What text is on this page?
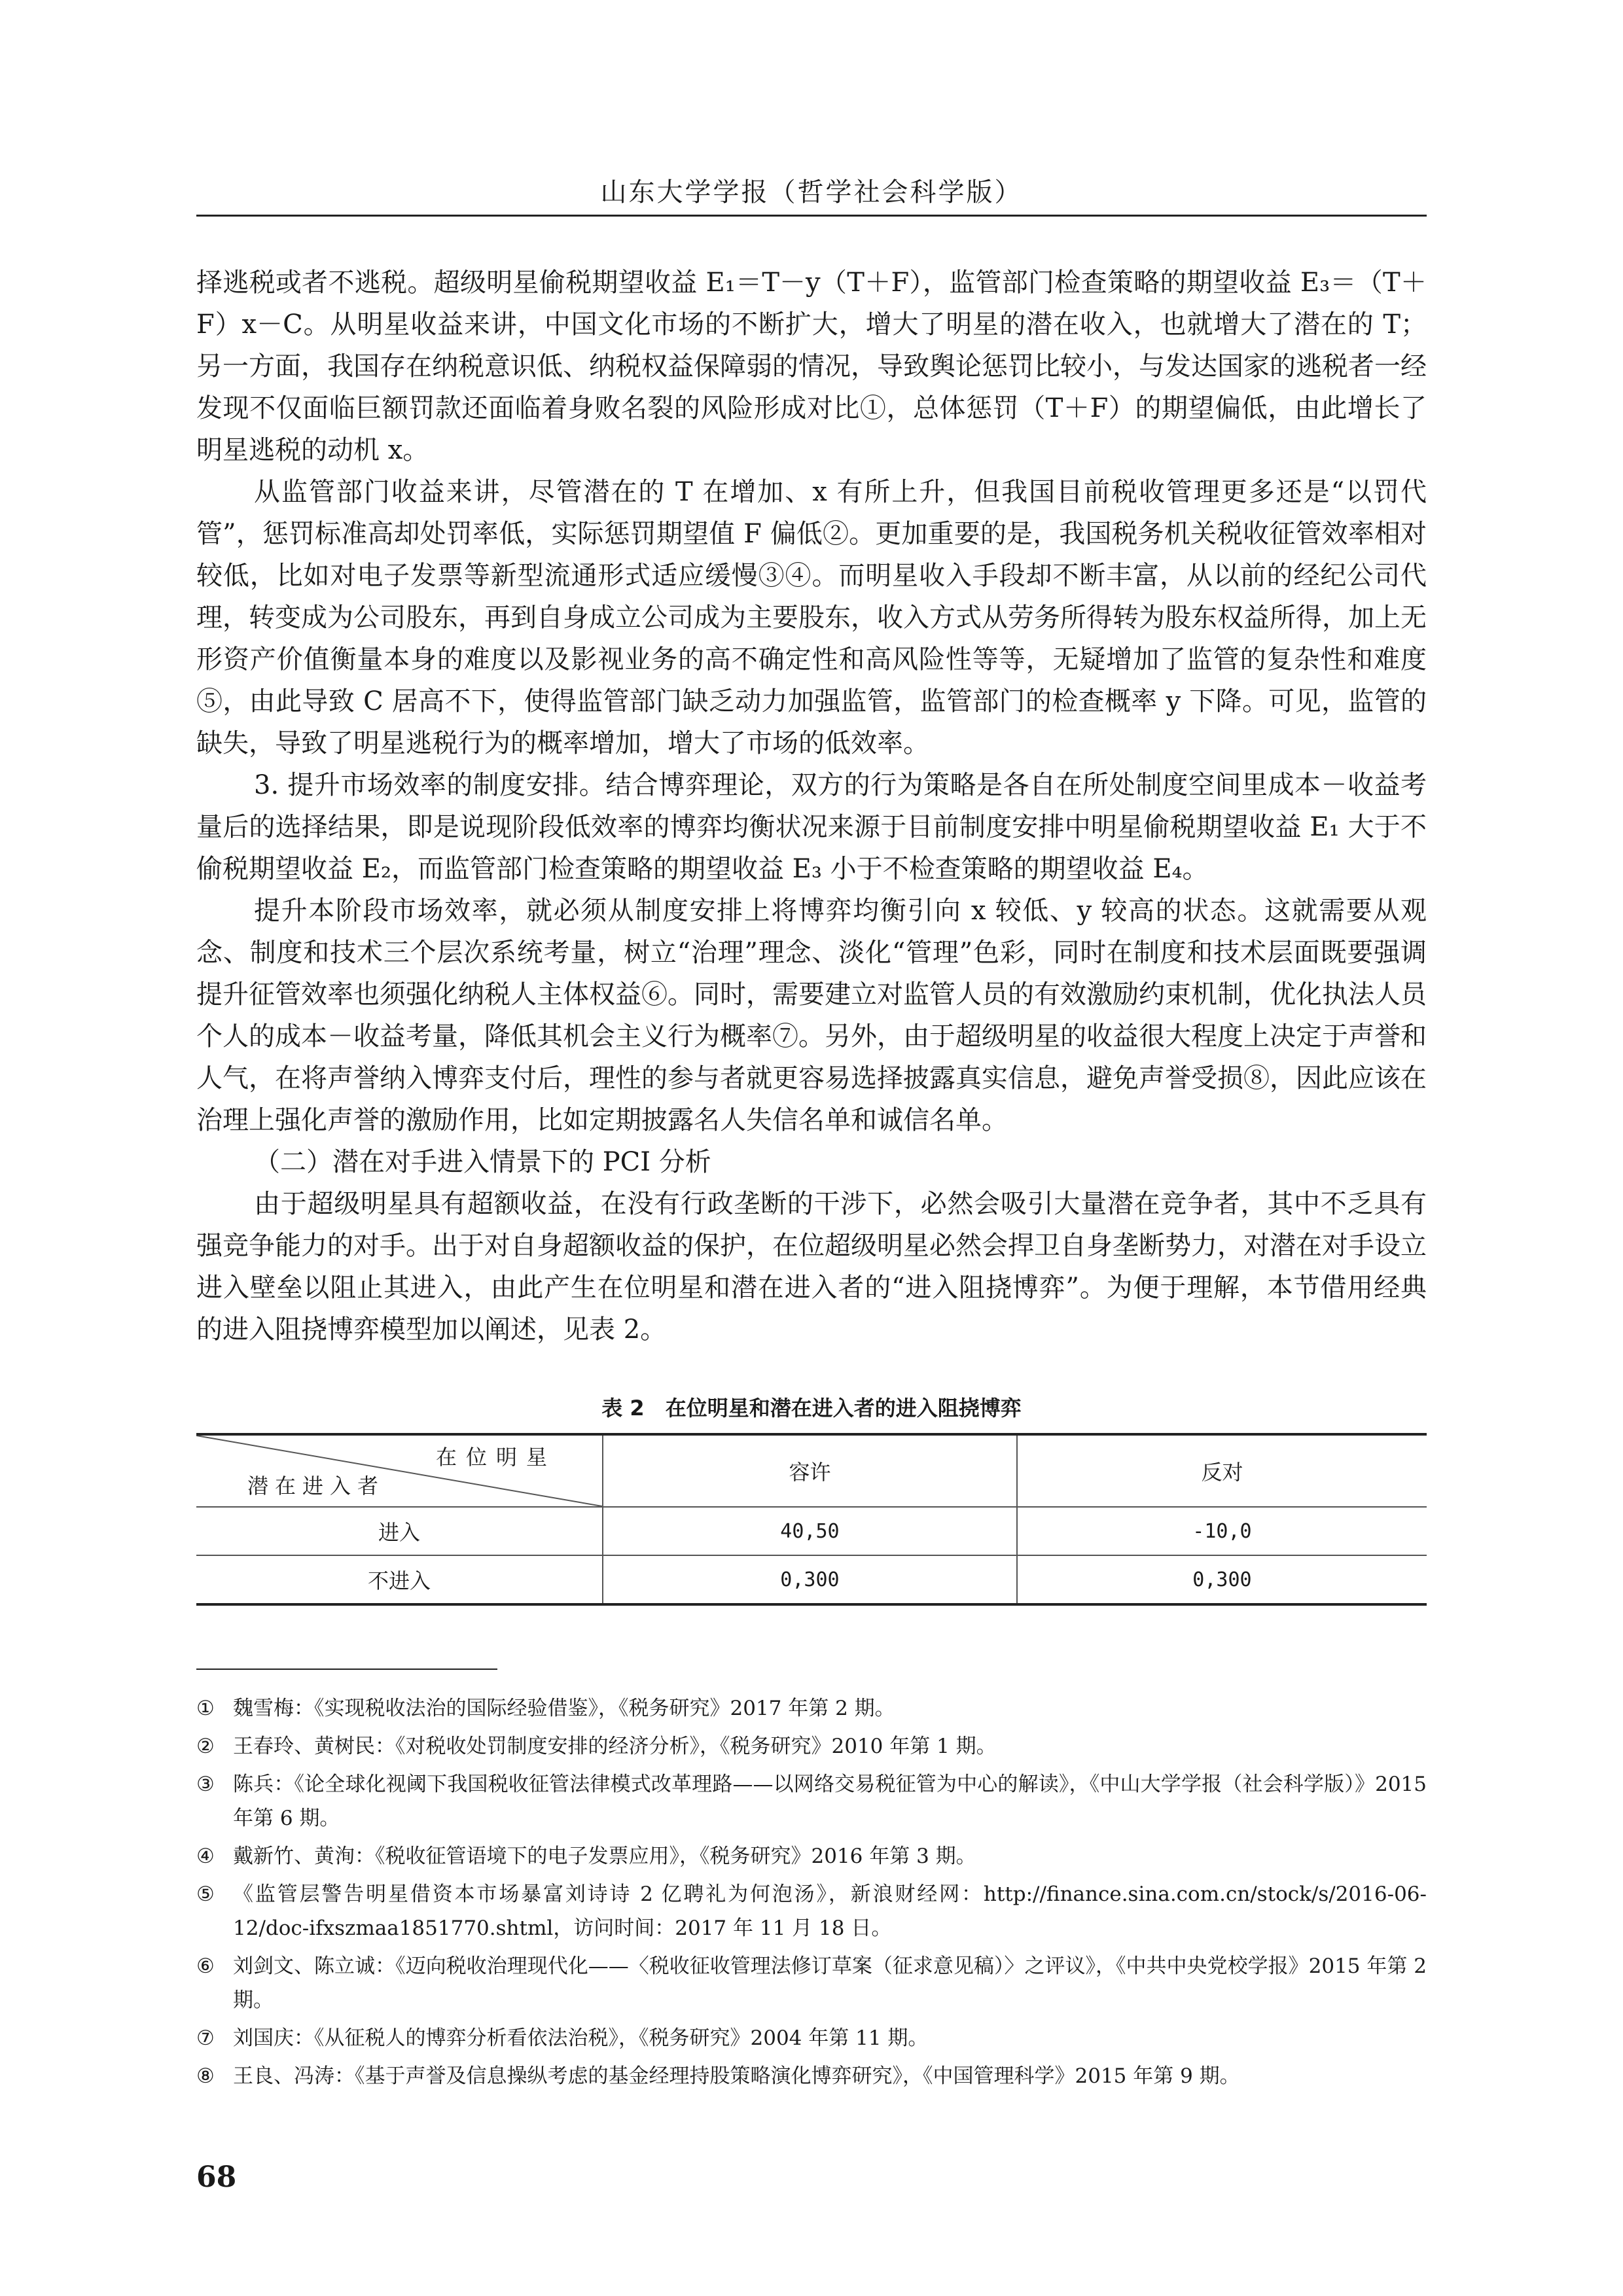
山东大学学报（哲学社会科学版）

择逃税或者不逃税。超级明星偷税期望收益 E₁＝T－y（T＋F），监管部门检查策略的期望收益 E₃＝（T＋F）x－C。从明星收益来讲，中国文化市场的不断扩大，增大了明星的潜在收入，也就增大了潜在的 T；另一方面，我国存在纳税意识低、纳税权益保障弱的情况，导致舆论惩罚比较小，与发达国家的逃税者一经发现不仅面临巨额罚款还面临着身败名裂的风险形成对比①，总体惩罚（T＋F）的期望偏低，由此增长了明星逃税的动机 x。

从监管部门收益来讲，尽管潜在的 T 在增加、x 有所上升，但我国目前税收管理更多还是“以罚代管”，惩罚标准高却处罚率低，实际惩罚期望值 F 偏低②。更加重要的是，我国税务机关税收征管效率相对较低，比如对电子发票等新型流通形式适应缓慢③④。而明星收入手段却不断丰富，从以前的经纪公司代理，转变成为公司股东，再到自身成立公司成为主要股东，收入方式从劳务所得转为股东权益所得，加上无形资产价值衡量本身的难度以及影视业务的高不确定性和高风险性等等，无疑增加了监管的复杂性和难度⑤，由此导致 C 居高不下，使得监管部门缺乏动力加强监管，监管部门的检查概率 y 下降。可见，监管的缺失，导致了明星逃税行为的概率增加，增大了市场的低效率。

3. 提升市场效率的制度安排。结合博弈理论，双方的行为策略是各自在所处制度空间里成本－收益考量后的选择结果，即是说现阶段低效率的博弈均衡状况来源于目前制度安排中明星偷税期望收益 E₁ 大于不偷税期望收益 E₂，而监管部门检查策略的期望收益 E₃ 小于不检查策略的期望收益 E₄。

提升本阶段市场效率，就必须从制度安排上将博弈均衡引向 x 较低、y 较高的状态。这就需要从观念、制度和技术三个层次系统考量，树立“治理”理念、淡化“管理”色彩，同时在制度和技术层面既要强调提升征管效率也须强化纳税人主体权益⑥。同时，需要建立对监管人员的有效激励约束机制，优化执法人员个人的成本－收益考量，降低其机会主义行为概率⑦。另外，由于超级明星的收益很大程度上决定于声誉和人气，在将声誉纳入博弈支付后，理性的参与者就更容易选择披露真实信息，避免声誉受损⑧，因此应该在治理上强化声誉的激励作用，比如定期披露名人失信名单和诚信名单。

（二）潜在对手进入情景下的 PCI 分析

由于超级明星具有超额收益，在没有行政垄断的干涉下，必然会吸引大量潜在竞争者，其中不乏具有强竞争能力的对手。出于对自身超额收益的保护，在位超级明星必然会捍卫自身垄断势力，对潜在对手设立进入壁垒以阻止其进入，由此产生在位明星和潜在进入者的“进入阻挠博弈”。为便于理解，本节借用经典的进入阻挠博弈模型加以阐述，见表 2。

表 2　在位明星和潜在进入者的进入阻挠博弈
在位明星
潜在进入者	容许	反对
进入	40,50	-10,0
不进入	0,300	0,300
① 魏雪梅：《实现税收法治的国际经验借鉴》，《税务研究》2017 年第 2 期。
② 王春玲、黄树民：《对税收处罚制度安排的经济分析》，《税务研究》2010 年第 1 期。
③ 陈兵：《论全球化视阈下我国税收征管法律模式改革理路——以网络交易税征管为中心的解读》，《中山大学学报（社会科学版）》2015 年第 6 期。
④ 戴新竹、黄洵：《税收征管语境下的电子发票应用》，《税务研究》2016 年第 3 期。
⑤ 《监管层警告明星借资本市场暴富刘诗诗 2 亿聘礼为何泡汤》，新浪财经网：http://finance.sina.com.cn/stock/s/2016-06-12/doc-ifxszmaa1851770.shtml，访问时间：2017 年 11 月 18 日。
⑥ 刘剑文、陈立诚：《迈向税收治理现代化——〈税收征收管理法修订草案（征求意见稿）〉之评议》，《中共中央党校学报》2015 年第 2 期。
⑦ 刘国庆：《从征税人的博弈分析看依法治税》，《税务研究》2004 年第 11 期。
⑧ 王良、冯涛：《基于声誉及信息操纵考虑的基金经理持股策略演化博弈研究》，《中国管理科学》2015 年第 9 期。
68
